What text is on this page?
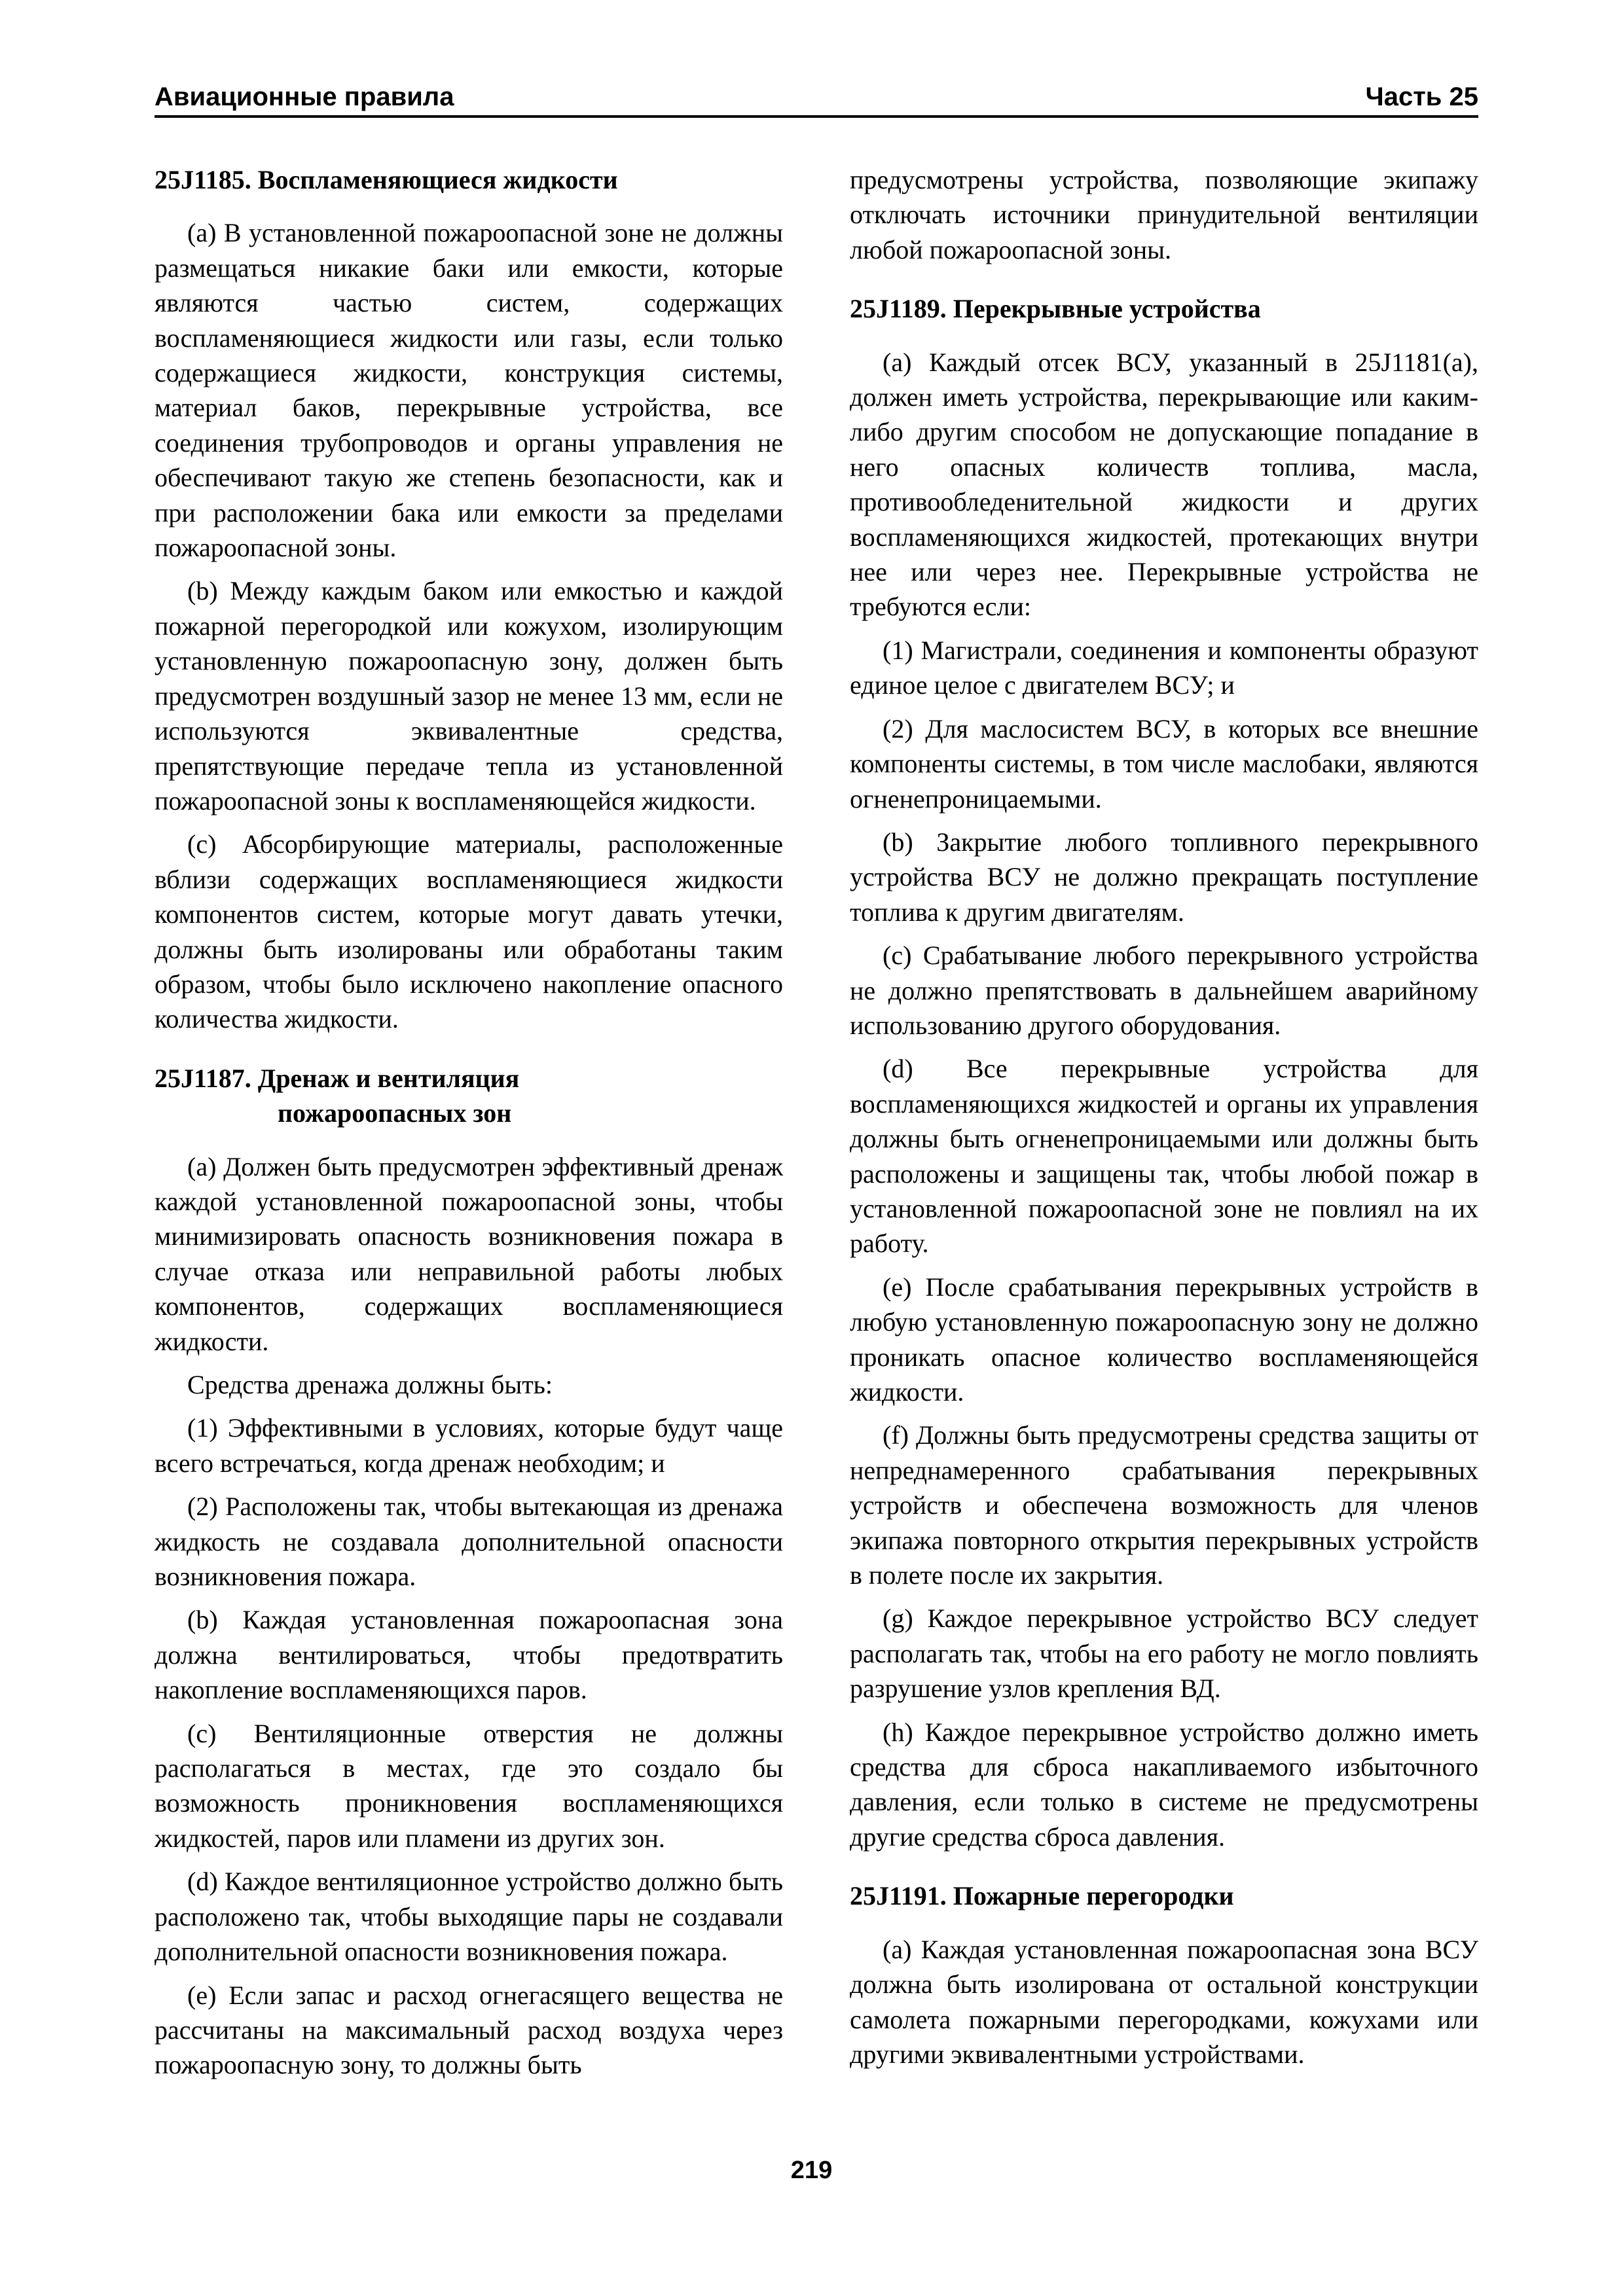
Авиационные правила	Часть 25
25J1185. Воспламеняющиеся жидкости

(a) В установленной пожароопасной зоне не должны размещаться никакие баки или емкости, которые являются частью систем, содержащих воспламеняющиеся жидкости или газы, если только содержащиеся жидкости, конструкция системы, материал баков, перекрывные устройства, все соединения трубопроводов и органы управления не обеспечивают такую же степень безопасности, как и при расположении бака или емкости за пределами пожароопасной зоны.

(b) Между каждым баком или емкостью и каждой пожарной перегородкой или кожухом, изолирующим установленную пожароопасную зону, должен быть предусмотрен воздушный зазор не менее 13 мм, если не используются эквивалентные средства, препятствующие передаче тепла из установленной пожароопасной зоны к воспламеняющейся жидкости.

(c) Абсорбирующие материалы, расположенные вблизи содержащих воспламеняющиеся жидкости компонентов систем, которые могут давать утечки, должны быть изолированы или обработаны таким образом, чтобы было исключено накопление опасного количества жидкости.

25J1187. Дренаж и вентиляция
пожароопасных зон

(a) Должен быть предусмотрен эффективный дренаж каждой установленной пожароопасной зоны, чтобы минимизировать опасность возникновения пожара в случае отказа или неправильной работы любых компонентов, содержащих воспламеняющиеся жидкости.

Средства дренажа должны быть:

(1) Эффективными в условиях, которые будут чаще всего встречаться, когда дренаж необходим; и

(2) Расположены так, чтобы вытекающая из дренажа жидкость не создавала дополнительной опасности возникновения пожара.

(b) Каждая установленная пожароопасная зона должна вентилироваться, чтобы предотвратить накопление воспламеняющихся паров.

(c) Вентиляционные отверстия не должны располагаться в местах, где это создало бы возможность проникновения воспламеняющихся жидкостей, паров или пламени из других зон.

(d) Каждое вентиляционное устройство должно быть расположено так, чтобы выходящие пары не создавали дополнительной опасности возникновения пожара.

(e) Если запас и расход огнегасящего вещества не рассчитаны на максимальный расход воздуха через пожароопасную зону, то должны быть

предусмотрены устройства, позволяющие экипажу отключать источники принудительной вентиляции любой пожароопасной зоны.

25J1189. Перекрывные устройства

(a) Каждый отсек ВСУ, указанный в 25J1181(a), должен иметь устройства, перекрывающие или каким-либо другим способом не допускающие попадание в него опасных количеств топлива, масла, противообледенительной жидкости и других воспламеняющихся жидкостей, протекающих внутри нее или через нее. Перекрывные устройства не требуются если:

(1) Магистрали, соединения и компоненты образуют единое целое с двигателем ВСУ; и

(2) Для маслосистем ВСУ, в которых все внешние компоненты системы, в том числе маслобаки, являются огненепроницаемыми.

(b) Закрытие любого топливного перекрывного устройства ВСУ не должно прекращать поступление топлива к другим двигателям.

(c) Срабатывание любого перекрывного устройства не должно препятствовать в дальнейшем аварийному использованию другого оборудования.

(d) Все перекрывные устройства для воспламеняющихся жидкостей и органы их управления должны быть огненепроницаемыми или должны быть расположены и защищены так, чтобы любой пожар в установленной пожароопасной зоне не повлиял на их работу.

(e) После срабатывания перекрывных устройств в любую установленную пожароопасную зону не должно проникать опасное количество воспламеняющейся жидкости.

(f) Должны быть предусмотрены средства защиты от непреднамеренного срабатывания перекрывных устройств и обеспечена возможность для членов экипажа повторного открытия перекрывных устройств в полете после их закрытия.

(g) Каждое перекрывное устройство ВСУ следует располагать так, чтобы на его работу не могло повлиять разрушение узлов крепления ВД.

(h) Каждое перекрывное устройство должно иметь средства для сброса накапливаемого избыточного давления, если только в системе не предусмотрены другие средства сброса давления.

25J1191. Пожарные перегородки

(a) Каждая установленная пожароопасная зона ВСУ должна быть изолирована от остальной конструкции самолета пожарными перегородками, кожухами или другими эквивалентными устройствами.

219
